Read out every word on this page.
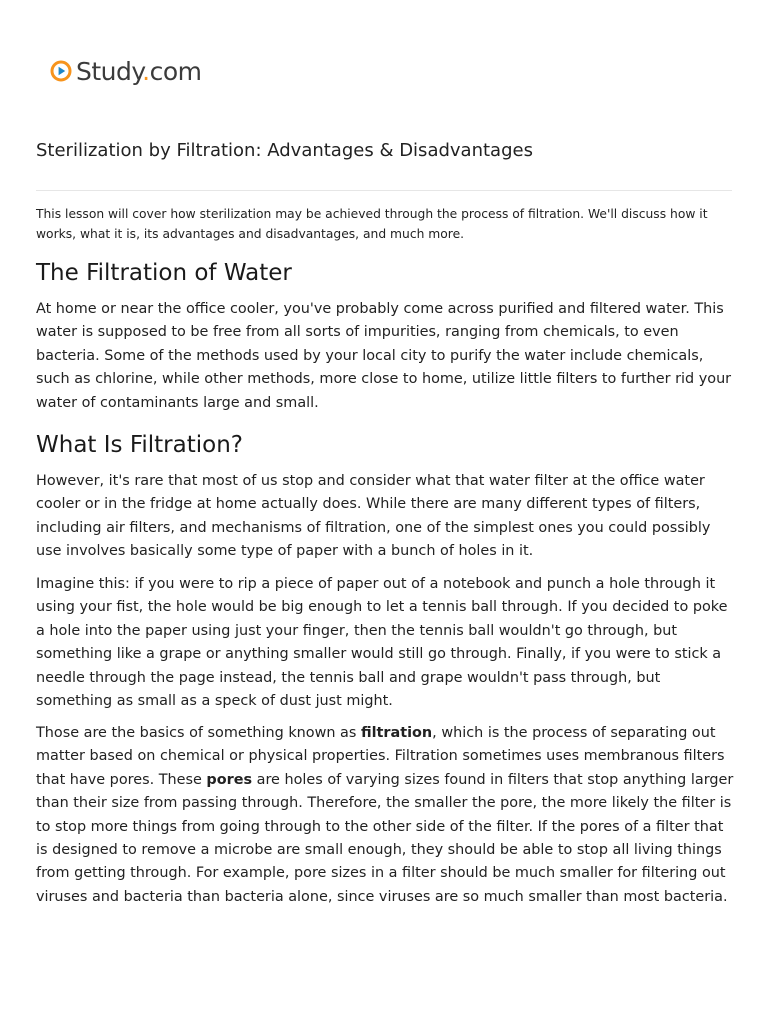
Study.com
Sterilization by Filtration: Advantages & Disadvantages

This lesson will cover how sterilization may be achieved through the process of filtration. We'll discuss how it works, what it is, its advantages and disadvantages, and much more.

The Filtration of Water

At home or near the office cooler, you've probably come across purified and filtered water. This water is supposed to be free from all sorts of impurities, ranging from chemicals, to even bacteria. Some of the methods used by your local city to purify the water include chemicals, such as chlorine, while other methods, more close to home, utilize little filters to further rid your water of contaminants large and small.

What Is Filtration?

However, it's rare that most of us stop and consider what that water filter at the office water cooler or in the fridge at home actually does. While there are many different types of filters, including air filters, and mechanisms of filtration, one of the simplest ones you could possibly use involves basically some type of paper with a bunch of holes in it.

Imagine this: if you were to rip a piece of paper out of a notebook and punch a hole through it using your fist, the hole would be big enough to let a tennis ball through. If you decided to poke a hole into the paper using just your finger, then the tennis ball wouldn't go through, but something like a grape or anything smaller would still go through. Finally, if you were to stick a needle through the page instead, the tennis ball and grape wouldn't pass through, but something as small as a speck of dust just might.

Those are the basics of something known as filtration, which is the process of separating out matter based on chemical or physical properties. Filtration sometimes uses membranous filters that have pores. These pores are holes of varying sizes found in filters that stop anything larger than their size from passing through. Therefore, the smaller the pore, the more likely the filter is to stop more things from going through to the other side of the filter. If the pores of a filter that is designed to remove a microbe are small enough, they should be able to stop all living things from getting through. For example, pore sizes in a filter should be much smaller for filtering out viruses and bacteria than bacteria alone, since viruses are so much smaller than most bacteria.
